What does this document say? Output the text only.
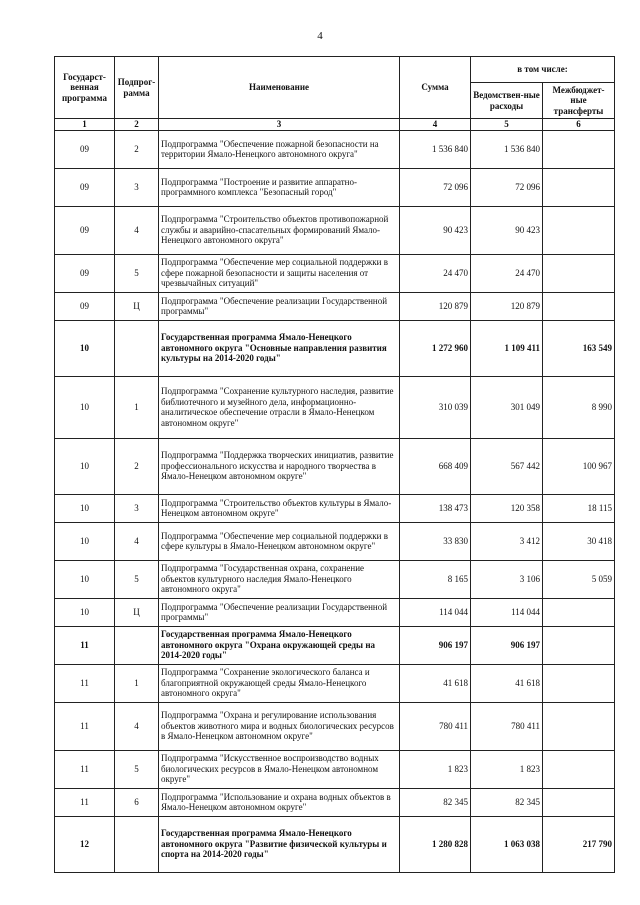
4
Государст-венная программа	Подпрог-рамма	Наименование	Сумма	в том числе:	
				Ведомствен-ные расходы	Межбюджет-ные трансферты
1	2	3	4	5	6
09	2	Подпрограмма "Обеспечение пожарной безопасности на территории Ямало-Ненецкого автономного округа"	1 536 840	1 536 840	
09	3	Подпрограмма "Построение и развитие аппаратно-программного комплекса "Безопасный город"	72 096	72 096	
09	4	Подпрограмма "Строительство объектов противопожарной службы и аварийно-спасательных формирований Ямало-Ненецкого автономного округа"	90 423	90 423	
09	5	Подпрограмма "Обеспечение мер социальной поддержки в сфере пожарной безопасности и защиты населения от чрезвычайных ситуаций"	24 470	24 470	
09	Ц	Подпрограмма "Обеспечение реализации Государственной программы"	120 879	120 879	
10		Государственная программа Ямало-Ненецкого автономного округа "Основные направления развития культуры на 2014-2020 годы"	1 272 960	1 109 411	163 549
10	1	Подпрограмма "Сохранение культурного наследия, развитие библиотечного и музейного дела, информационно-аналитическое обеспечение отрасли в Ямало-Ненецком автономном округе"	310 039	301 049	8 990
10	2	Подпрограмма "Поддержка творческих инициатив, развитие профессионального искусства и народного творчества в Ямало-Ненецком автономном округе"	668 409	567 442	100 967
10	3	Подпрограмма "Строительство объектов культуры в Ямало-Ненецком автономном округе"	138 473	120 358	18 115
10	4	Подпрограмма "Обеспечение мер социальной поддержки в сфере культуры в Ямало-Ненецком автономном округе"	33 830	3 412	30 418
10	5	Подпрограмма "Государственная охрана, сохранение объектов культурного наследия Ямало-Ненецкого автономного округа"	8 165	3 106	5 059
10	Ц	Подпрограмма "Обеспечение реализации Государственной программы"	114 044	114 044	
11		Государственная программа Ямало-Ненецкого автономного округа "Охрана окружающей среды на 2014-2020 годы"	906 197	906 197	
11	1	Подпрограмма "Сохранение экологического баланса и благоприятной окружающей среды Ямало-Ненецкого автономного округа"	41 618	41 618	
11	4	Подпрограмма "Охрана и регулирование использования объектов животного мира и водных биологических ресурсов в Ямало-Ненецком автономном округе"	780 411	780 411	
11	5	Подпрограмма "Искусственное воспроизводство водных биологических ресурсов в Ямало-Ненецком автономном округе"	1 823	1 823	
11	6	Подпрограмма "Использование и охрана водных объектов в Ямало-Ненецком автономном округе"	82 345	82 345	
12		Государственная программа Ямало-Ненецкого автономного округа "Развитие физической культуры и спорта на 2014-2020 годы"	1 280 828	1 063 038	217 790
